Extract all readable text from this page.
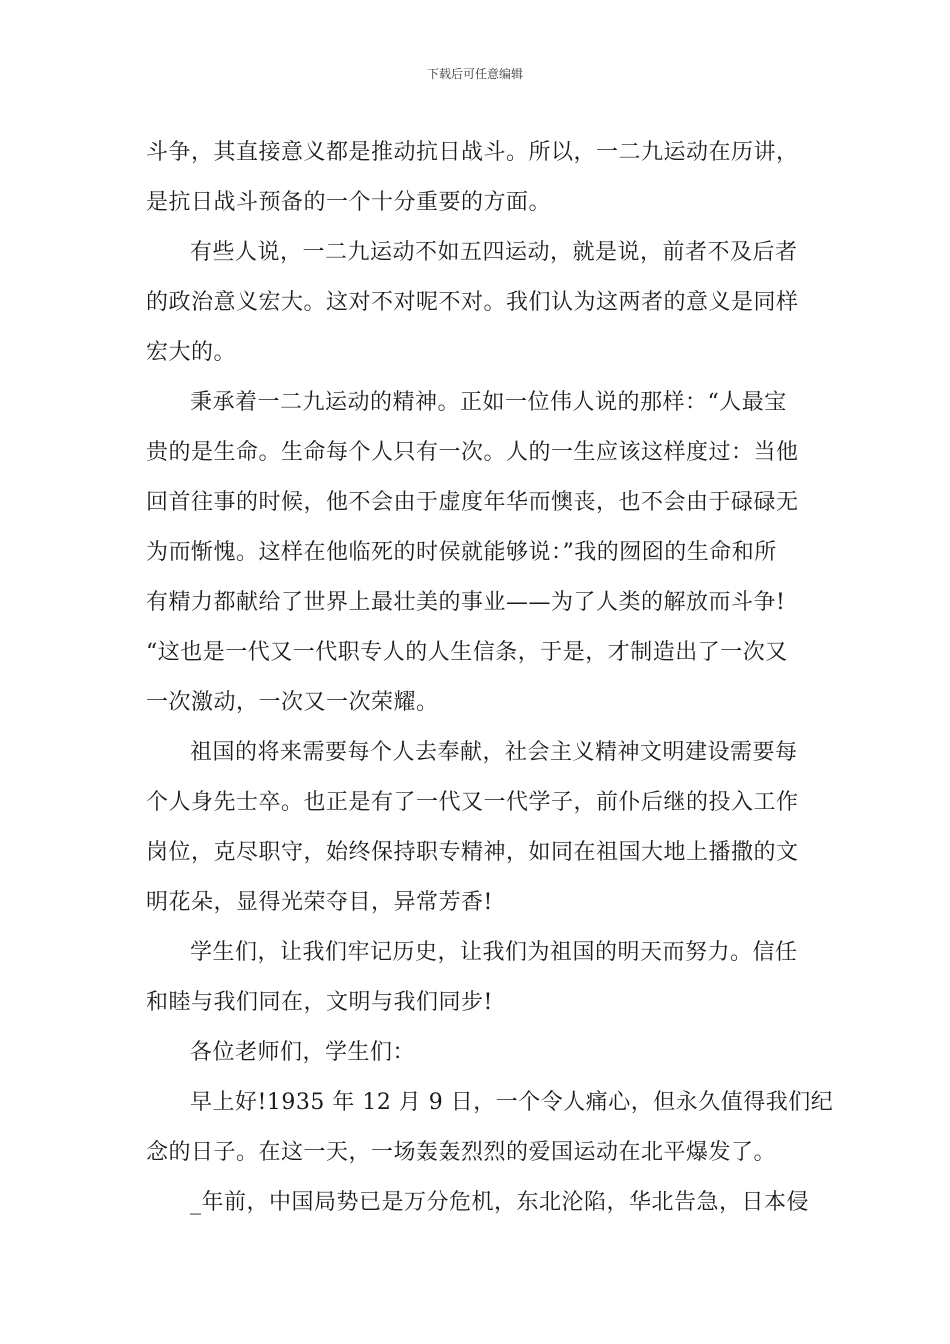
下载后可任意编辑
斗争，其直接意义都是推动抗日战斗。所以，一二九运动在历讲，
是抗日战斗预备的一个十分重要的方面。
有些人说，一二九运动不如五四运动，就是说，前者不及后者
的政治意义宏大。这对不对呢不对。我们认为这两者的意义是同样
宏大的。
秉承着一二九运动的精神。正如一位伟人说的那样：“人最宝
贵的是生命。生命每个人只有一次。人的一生应该这样度过：当他
回首往事的时候，他不会由于虚度年华而懊丧，也不会由于碌碌无
为而惭愧。这样在他临死的时侯就能够说：”我的囫囵的生命和所
有精力都献给了世界上最壮美的事业——为了人类的解放而斗争!
“这也是一代又一代职专人的人生信条，于是，才制造出了一次又
一次激动，一次又一次荣耀。
祖国的将来需要每个人去奉献，社会主义精神文明建设需要每
个人身先士卒。也正是有了一代又一代学子，前仆后继的投入工作
岗位，克尽职守，始终保持职专精神，如同在祖国大地上播撒的文
明花朵，显得光荣夺目，异常芳香!
学生们，让我们牢记历史，让我们为祖国的明天而努力。信任
和睦与我们同在，文明与我们同步!
各位老师们，学生们：
早上好!1935 年 12 月 9 日，一个令人痛心，但永久值得我们纪
念的日子。在这一天，一场轰轰烈烈的爱国运动在北平爆发了。
_年前，中国局势已是万分危机，东北沦陷，华北告急，日本侵
